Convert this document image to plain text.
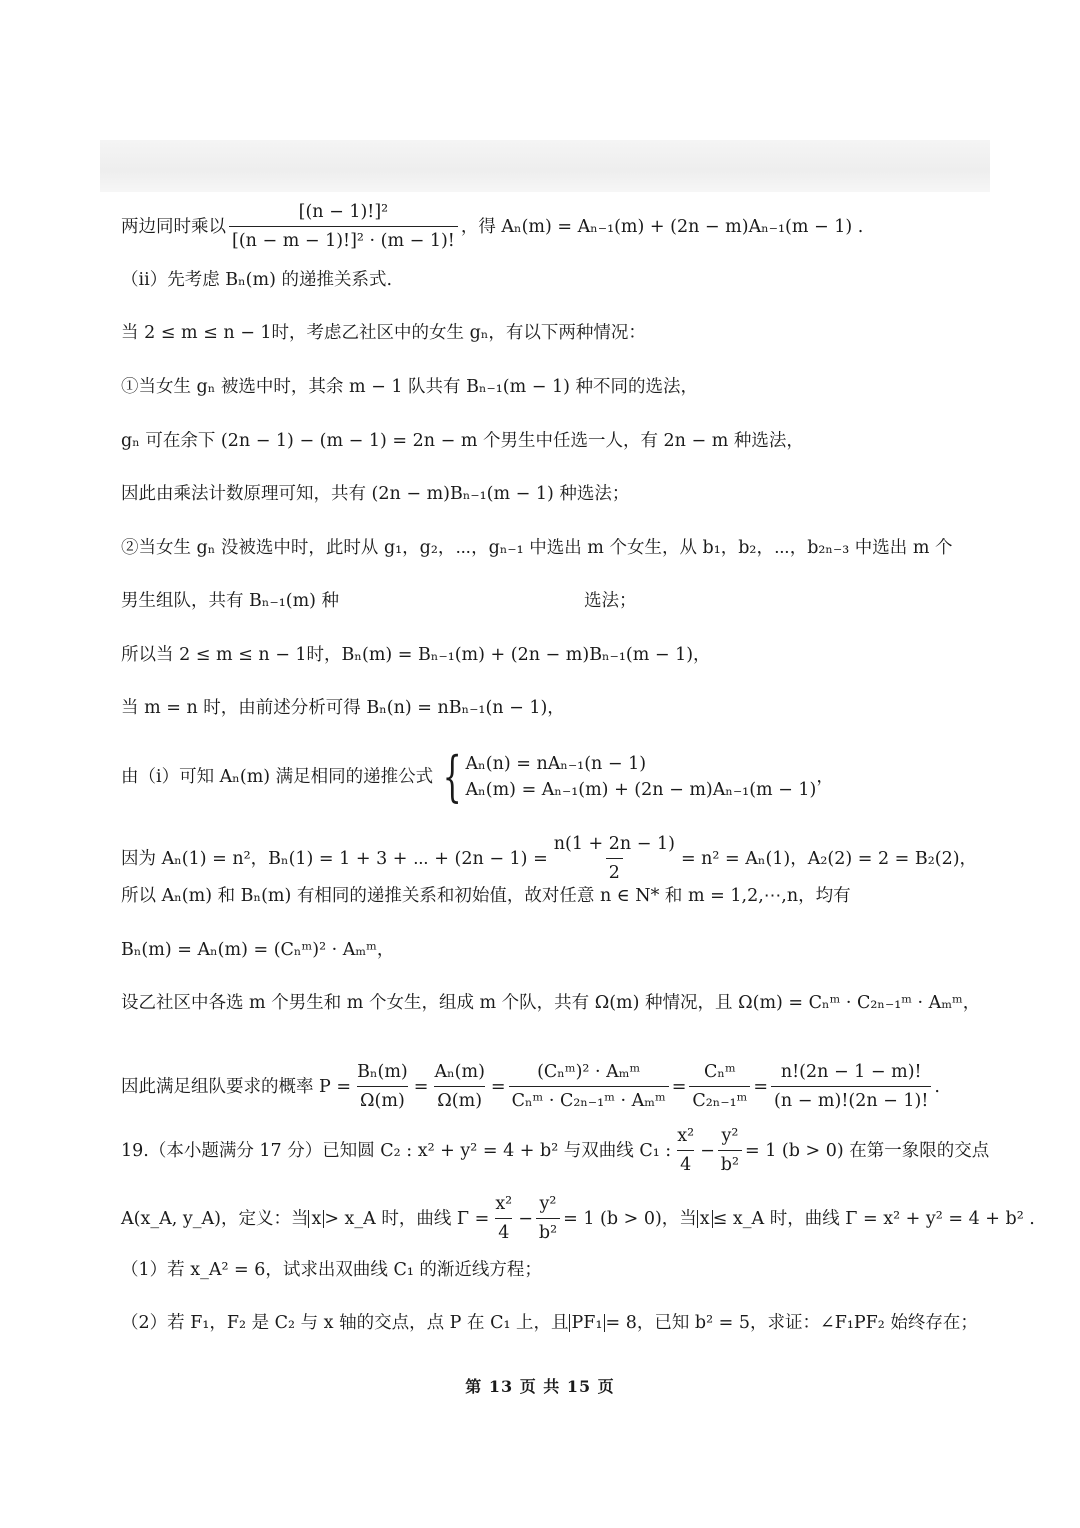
两边同时乘以 $\frac{\text{[(n − 1)!]²}}{\text{[(n − m − 1)!]² · (m − 1)!}}$ ，得 Aₙ(m) = Aₙ₋₁(m) + (2n − m)Aₙ₋₁(m − 1) .
（ii）先考虑 Bₙ(m) 的递推关系式.
当 2 ≤ m ≤ n − 1时，考虑乙社区中的女生 gₙ，有以下两种情况：
①当女生 gₙ 被选中时，其余 m − 1 队共有 Bₙ₋₁(m − 1) 种不同的选法，
gₙ 可在余下 (2n − 1) − (m − 1) = 2n − m 个男生中任选一人，有 2n − m 种选法，
因此由乘法计数原理可知，共有 (2n − m)Bₙ₋₁(m − 1) 种选法；
②当女生 gₙ 没被选中时，此时从 g₁，g₂，⋯，gₙ₋₁ 中选出 m 个女生，从 b₁，b₂，⋯，b₂ₙ₋₃ 中选出 m 个
男生组队，共有 Bₙ₋₁(m) 种	选法；
所以当 2 ≤ m ≤ n − 1时，Bₙ(m) = Bₙ₋₁(m) + (2n − m)Bₙ₋₁(m − 1)，
当 m = n 时，由前述分析可得 Bₙ(n) = nBₙ₋₁(n − 1)，
由（i）可知 Aₙ(m) 满足相同的递推公式 { Aₙ(n) = nAₙ₋₁(n − 1)
Aₙ(m) = Aₙ₋₁(m) + (2n − m)Aₙ₋₁(m − 1)
，
因为 Aₙ(1) = n²，Bₙ(1) = 1 + 3 + ⋯ + $(2n - 1) = \frac{n(1 + 2n - 1)}{2} = n^2 = A_n(1)$，A₂(2) = 2 = B₂(2)，
所以 Aₙ(m) 和 Bₙ(m) 有相同的递推关系和初始值，故对任意 n ∈ N* 和 m = 1,2,⋯,n，均有
Bₙ(m) = Aₙ(m) = (Cₙᵐ)² · Aₘᵐ，
设乙社区中各选 m 个男生和 m 个女生，组成 m 个队，共有 Ω(m) 种情况，且 Ω(m) = Cₙᵐ · C₂ₙ₋₁ᵐ · Aₘᵐ，
因此满足组队要求的概率 $P = \frac{\text{Bₙ(m)}}{\Omega(m)} = \frac{\text{Aₙ(m)}}{\Omega(m)} = \frac{\text{(Cₙᵐ)² · Aₘᵐ}}{\text{Cₙᵐ · C₂ₙ₋₁ᵐ · Aₘᵐ}} = \frac{\text{Cₙᵐ}}{\text{C₂ₙ₋₁ᵐ}} = \frac{n!(2n - 1 - m)!}{(n - m)!(2n - 1)!}$ .
19.（本小题满分 17 分）已知圆 C₂ : x² + y² = 4 + b² 与双曲线 C₁ : $\frac{\text{x²}}{4} - \frac{\text{y²}}{\text{b²}} = 1$ (b > 0) 在第一象限的交点
A(x_A, y_A)，定义：当 x > x_A 时，曲线 $\Gamma = \frac{\text{x²}}{4} - \frac{\text{y²}}{\text{b²}} = 1$ (b > 0)，当 x ≤ x_A 时，曲线 Γ = x² + y² = 4 + b² .
（1）若 x_A² = 6，试求出双曲线 C₁ 的渐近线方程；
（2）若 F₁，F₂ 是 C₂ 与 x 轴的交点，点 P 在 C₁ 上，且 PF₁ = 8，已知 b² = 5，求证：∠F₁PF₂ 始终存在；
第 13 页 共 15 页
